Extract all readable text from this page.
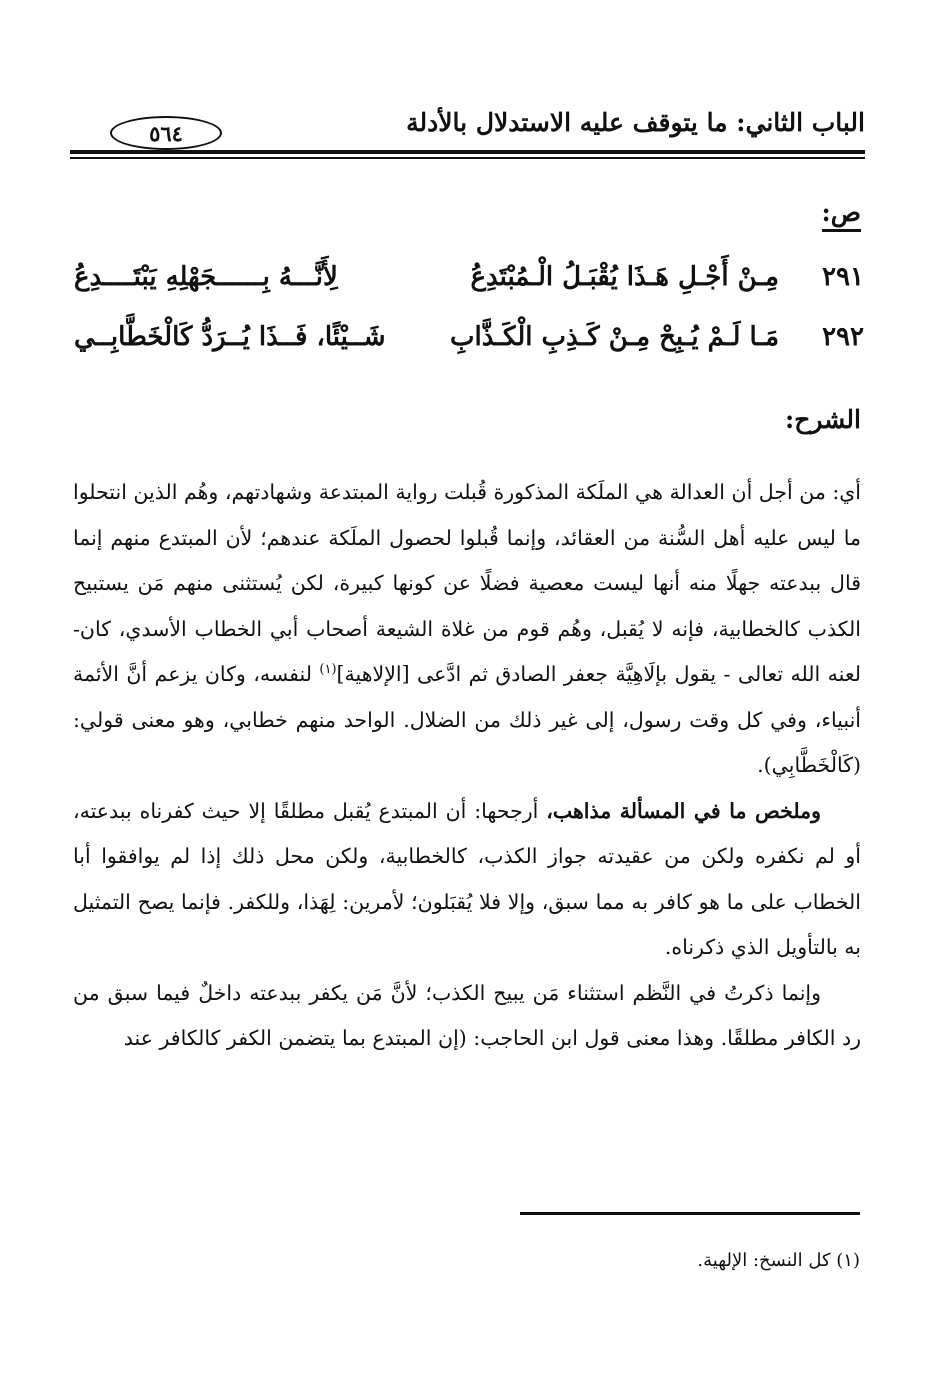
الباب الثاني: ما يتوقف عليه الاستدلال بالأدلة
٥٦٤
ص:
٢٩١
مِـنْ أَجْـلِ هَـذَا يُقْبَـلُ الْـمُبْتَدِعُ
لِأَنَّـــهُ بِــــــجَهْلِهِ يَبْتَــــدِعُ
٢٩٢
مَـا لَـمْ يُـبِحْ مِـنْ كَـذِبِ الْكَـذَّابِ
شَــيْئًا، فَــذَا يُــرَدُّ كَالْخَطَّابِــي
الشرح:

أي: من أجل أن العدالة هي الملَكة المذكورة قُبلت رواية المبتدعة وشهادتهم، وهُم الذين انتحلوا ما ليس عليه أهل السُّنة من العقائد، وإنما قُبلوا لحصول الملَكة عندهم؛ لأن المبتدع منهم إنما قال ببدعته جهلًا منه أنها ليست معصية فضلًا عن كونها كبيرة، لكن يُستثنى منهم مَن يستبيح الكذب كالخطابية، فإنه لا يُقبل، وهُم قوم من غلاة الشيعة أصحاب أبي الخطاب الأسدي، كان- لعنه الله تعالى - يقول بإلَاهِيَّة جعفر الصادق ثم ادَّعى [الإلاهية]$^{(١)}$ لنفسه، وكان يزعم أنَّ الأئمة أنبياء، وفي كل وقت رسول، إلى غير ذلك من الضلال. الواحد منهم خطابي، وهو معنى قولي: (كَالْخَطَّابِي).

وملخص ما في المسألة مذاهب، أرجحها: أن المبتدع يُقبل مطلقًا إلا حيث كفرناه ببدعته، أو لم نكفره ولكن من عقيدته جواز الكذب، كالخطابية، ولكن محل ذلك إذا لم يوافقوا أبا الخطاب على ما هو كافر به مما سبق، وإلا فلا يُقبَلون؛ لأمرين: لِهَذا، وللكفر. فإنما يصح التمثيل به بالتأويل الذي ذكرناه.

وإنما ذكرتُ في النَّظم استثناء مَن يبيح الكذب؛ لأنَّ مَن يكفر ببدعته داخلٌ فيما سبق من رد الكافر مطلقًا. وهذا معنى قول ابن الحاجب: (إن المبتدع بما يتضمن الكفر كالكافر عند

(١) كل النسخ: الإلهية.
